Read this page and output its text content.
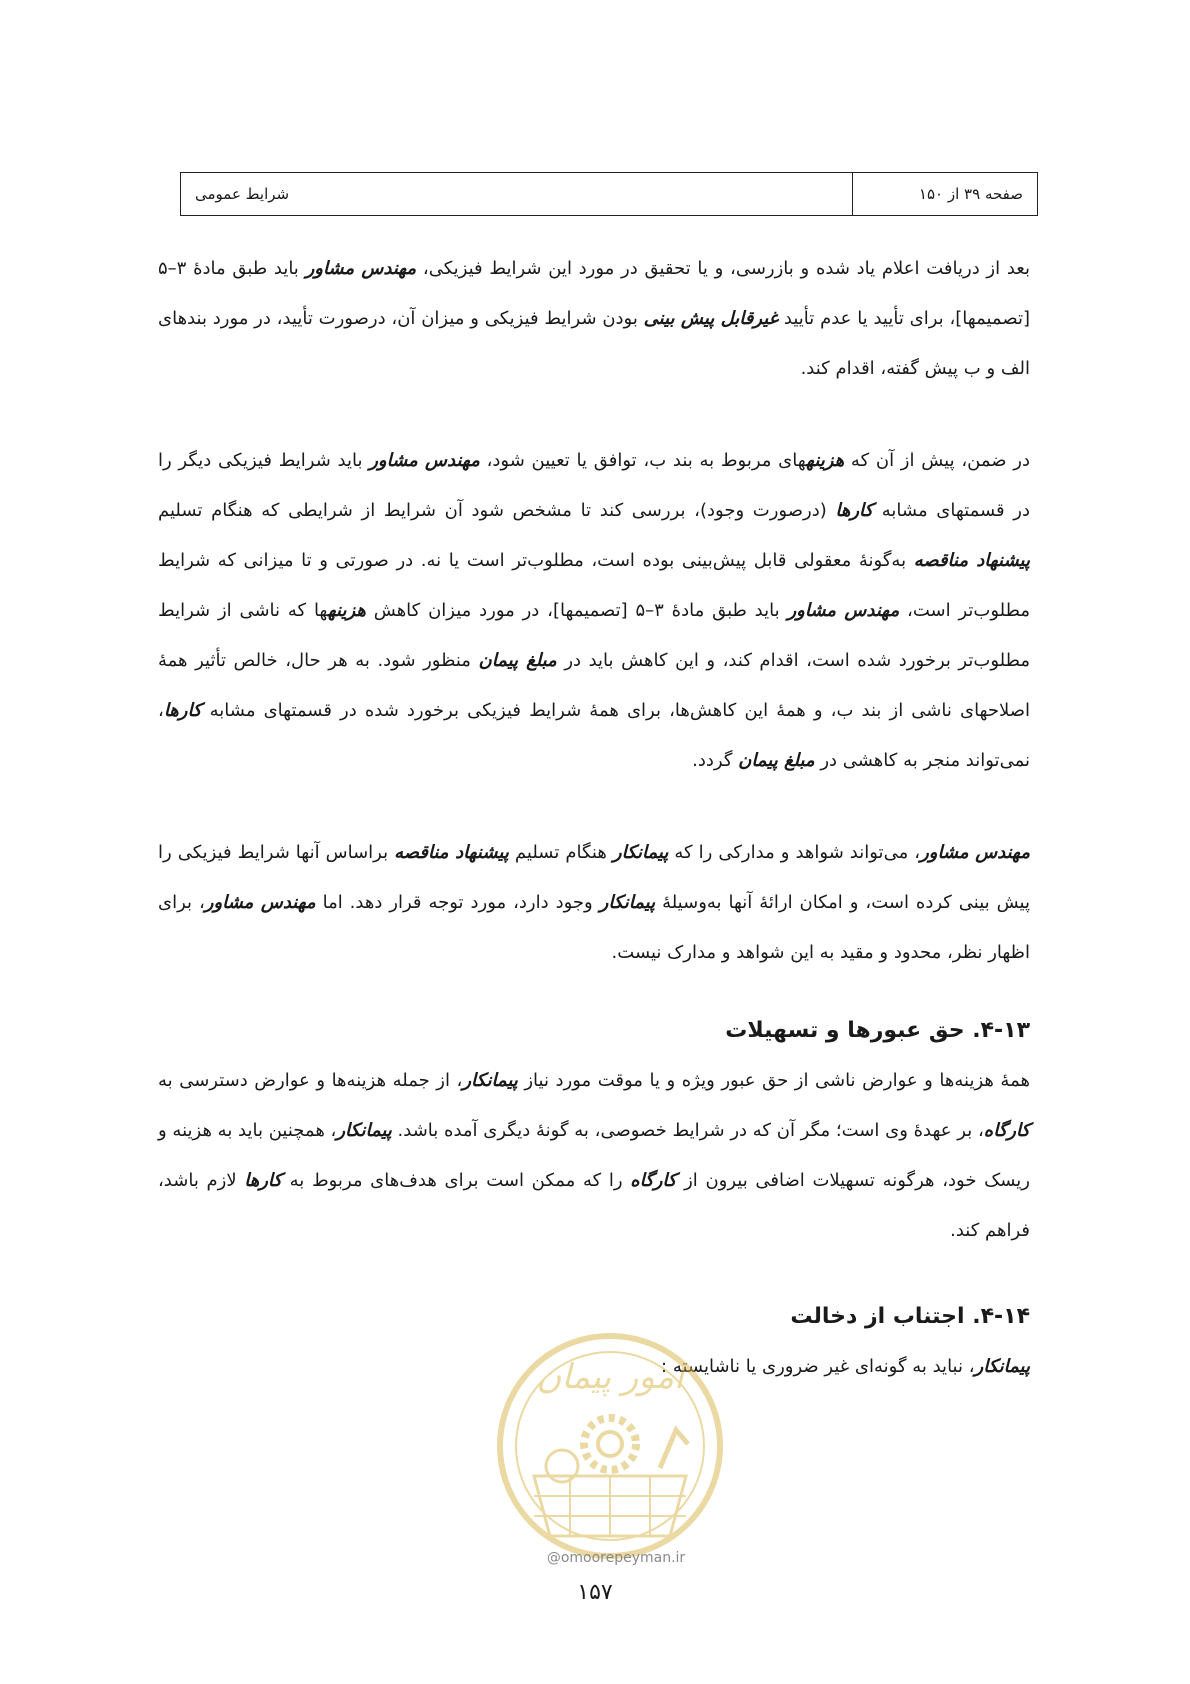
صفحه ۳۹ از ۱۵۰
شرایط عمومی

بعد از دریافت اعلام یاد شده و بازرسی، و یا تحقیق در مورد این شرایط فیزیکی، مهندس مشاور باید طبق مادهٔ ۳–۵ [تصمیمها]، برای تأیید یا عدم تأیید غیرقابل پیش بینی بودن شرایط فیزیکی و میزان آن، درصورت تأیید، در مورد بندهای الف و ب پیش گفته، اقدام کند.

در ضمن، پیش از آن که هزینههای مربوط به بند ب، توافق یا تعیین شود، مهندس مشاور باید شرایط فیزیکی دیگر را در قسمتهای مشابه کارها (درصورت وجود)، بررسی کند تا مشخص شود آن شرایط از شرایطی که هنگام تسلیم پیشنهاد مناقصه به‌گونهٔ معقولی قابل پیش‌بینی بوده است، مطلوب‌تر است یا نه. در صورتی و تا میزانی که شرایط مطلوب‌تر است، مهندس مشاور باید طبق مادهٔ ۳–۵ [تصمیمها]، در مورد میزان کاهش هزینهها که ناشی از شرایط مطلوب‌تر برخورد شده است، اقدام کند، و این کاهش باید در مبلغ پیمان منظور شود. به هر حال، خالص تأثیر همهٔ اصلاحهای ناشی از بند ب، و همهٔ این کاهش‌ها، برای همهٔ شرایط فیزیکی برخورد شده در قسمتهای مشابه کارها، نمی‌تواند منجر به کاهشی در مبلغ پیمان گردد.

مهندس مشاور، می‌تواند شواهد و مدارکی را که پیمانکار هنگام تسلیم پیشنهاد مناقصه براساس آنها شرایط فیزیکی را پیش بینی کرده است، و امکان ارائهٔ آنها به‌وسیلهٔ پیمانکار وجود دارد، مورد توجه قرار دهد. اما مهندس مشاور، برای اظهار نظر، محدود و مقید به این شواهد و مدارک نیست.

۴-۱۳. حق عبورها و تسهیلات

همهٔ هزینه‌ها و عوارض ناشی از حق عبور ویژه و یا موقت مورد نیاز پیمانکار، از جمله هزینه‌ها و عوارض دسترسی به کارگاه، بر عهدهٔ وی است؛ مگر آن که در شرایط خصوصی، به گونهٔ دیگری آمده باشد. پیمانکار، همچنین باید به هزینه و ریسک خود، هرگونه تسهیلات اضافی بیرون از کارگاه را که ممکن است برای هدف‌های مربوط به کارها لازم باشد، فراهم کند.

۴-۱۴. اجتناب از دخالت

پیمانکار، نباید به گونه‌ای غیر ضروری یا ناشایسته :

امور پیمان
@omoorepeyman.ir
۱۵۷
